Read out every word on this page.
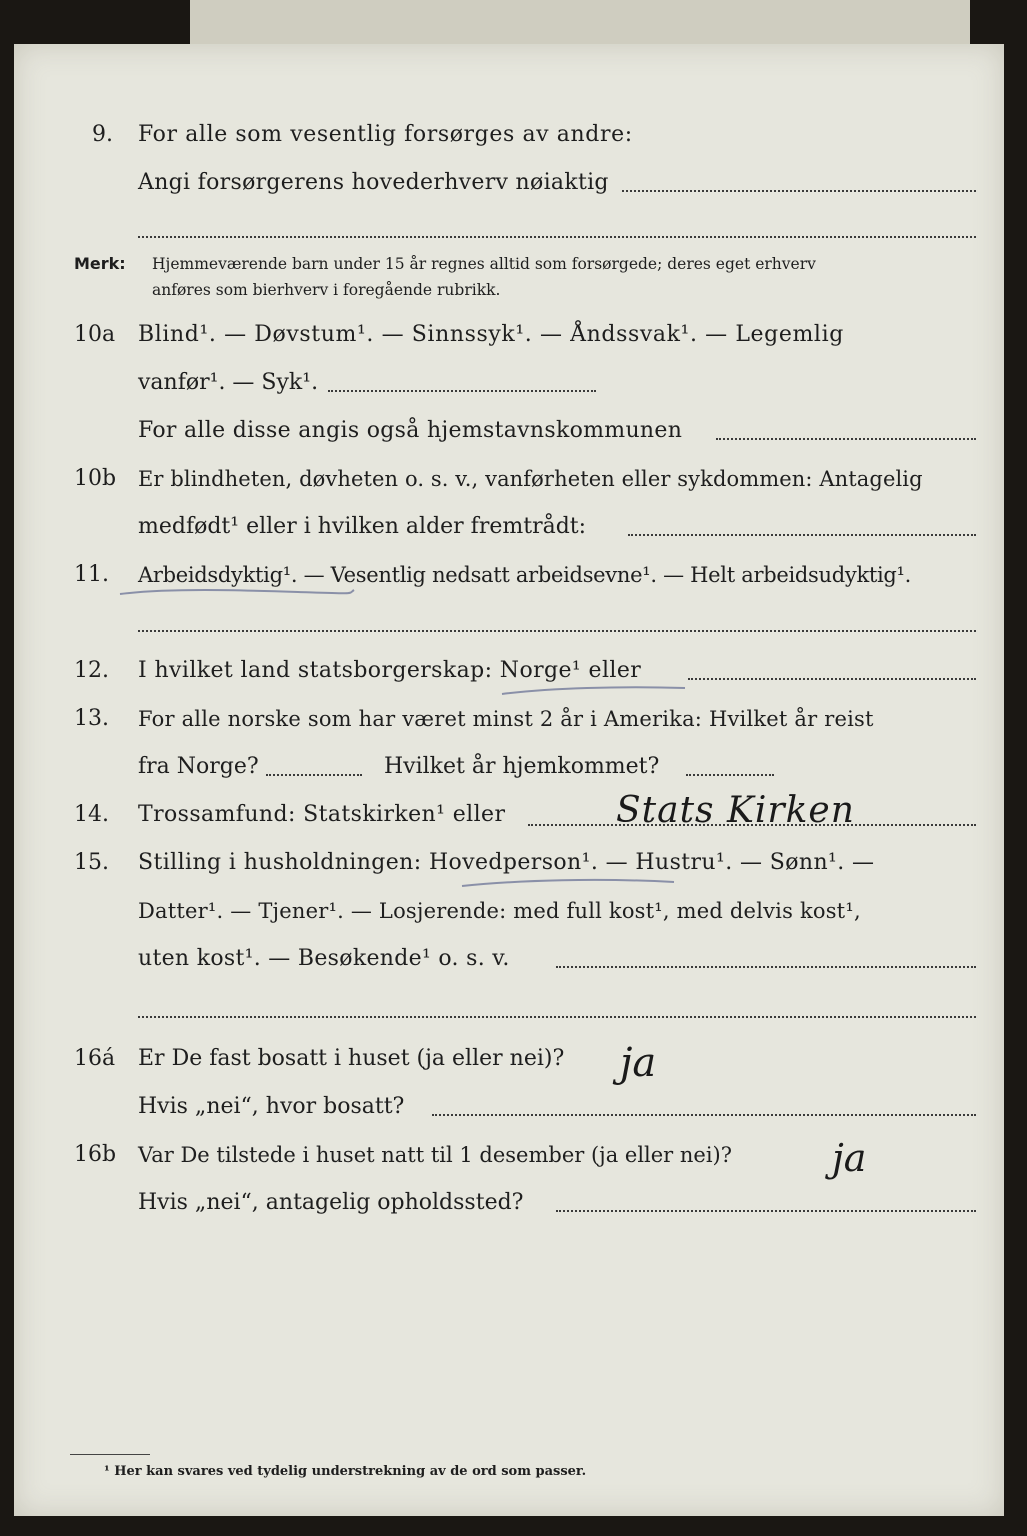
9. For alle som vesentlig forsørges av andre:
Angi forsørgerens hovederhverv nøiaktig
Merk: Hjemmeværende barn under 15 år regnes alltid som forsørgede; deres eget erhverv
anføres som bierhverv i foregående rubrikk.
10a Blind¹. — Døvstum¹. — Sinnssyk¹. — Åndssvak¹. — Legemlig
vanfør¹. — Syk¹.
For alle disse angis også hjemstavnskommunen
10b Er blindheten, døvheten o. s. v., vanførheten eller sykdommen: Antagelig
medfødt¹ eller i hvilken alder fremtrådt:
11. Arbeidsdyktig¹. — Vesentlig nedsatt arbeidsevne¹. — Helt arbeidsudyktig¹.
12. I hvilket land statsborgerskap: Norge¹ eller
13. For alle norske som har været minst 2 år i Amerika: Hvilket år reist
fra Norge?	Hvilket år hjemkommet?
14. Trossamfund: Statskirken¹ eller	Stats Kirken
15. Stilling i husholdningen: Hovedperson¹. — Hustru¹. — Sønn¹. —
Datter¹. — Tjener¹. — Losjerende: med full kost¹, med delvis kost¹,
uten kost¹. — Besøkende¹ o. s. v.
16á Er De fast bosatt i huset (ja eller nei)? ja
Hvis „nei“, hvor bosatt?
16b Var De tilstede i huset natt til 1 desember (ja eller nei)?	ja
Hvis „nei“, antagelig opholdssted?
¹ Her kan svares ved tydelig understrekning av de ord som passer.
